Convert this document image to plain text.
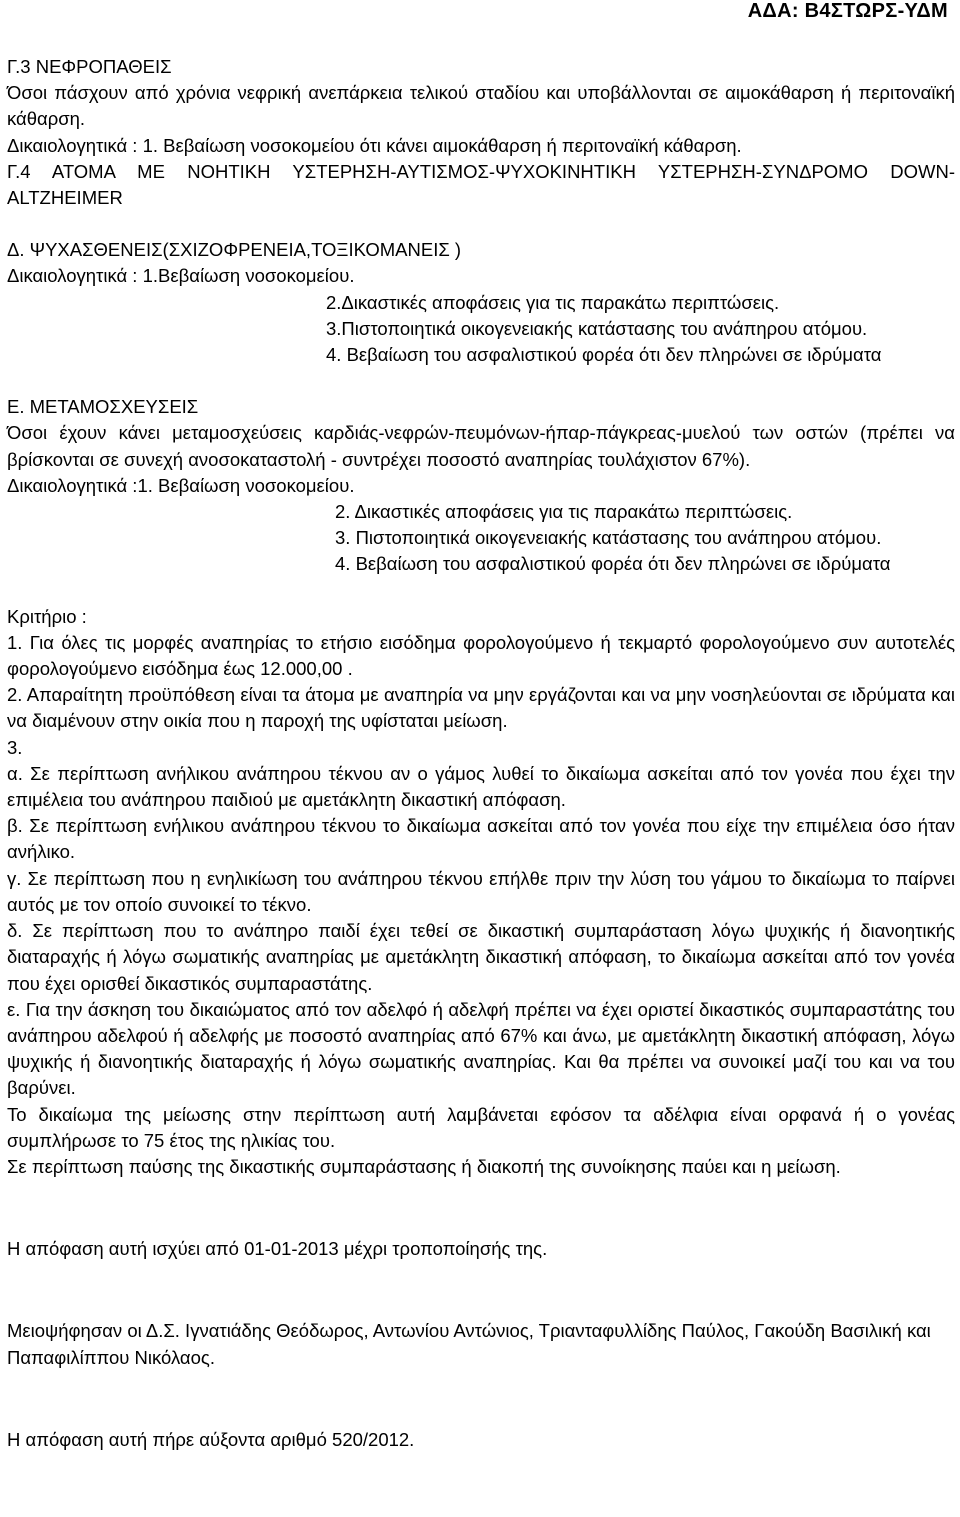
ΑΔΑ: Β4ΣΤΩΡΣ-ΥΔΜ

Γ.3 ΝΕΦΡΟΠΑΘΕΙΣ

Όσοι πάσχουν από χρόνια νεφρική ανεπάρκεια τελικού σταδίου και υποβάλλονται σε αιμοκάθαρση ή περιτοναϊκή κάθαρση.

Δικαιολογητικά : 1. Βεβαίωση νοσοκομείου ότι κάνει αιμοκάθαρση ή περιτοναϊκή κάθαρση.

Γ.4 ΑΤΟΜΑ ΜΕ ΝΟΗΤΙΚΗ ΥΣΤΕΡΗΣΗ-ΑΥΤΙΣΜΟΣ-ΨΥΧΟΚΙΝΗΤΙΚΗ ΥΣΤΕΡΗΣΗ-ΣΥΝΔΡΟΜΟ DOWN-ALTZHEIMER

Δ. ΨΥΧΑΣΘΕΝΕΙΣ(ΣΧΙΖΟΦΡΕΝΕΙΑ,ΤΟΞΙΚΟΜΑΝΕΙΣ )

Δικαιολογητικά : 1.Βεβαίωση νοσοκομείου.

2.Δικαστικές αποφάσεις για τις παρακάτω περιπτώσεις.

3.Πιστοποιητικά οικογενειακής κατάστασης του ανάπηρου ατόμου.

4. Βεβαίωση του ασφαλιστικού φορέα ότι δεν πληρώνει σε ιδρύματα

Ε. ΜΕΤΑΜΟΣΧΕΥΣΕΙΣ

Όσοι έχουν κάνει μεταμοσχεύσεις καρδιάς-νεφρών-πευμόνων-ήπαρ-πάγκρεας-μυελού των οστών (πρέπει να βρίσκονται σε συνεχή ανοσοκαταστολή - συντρέχει ποσοστό αναπηρίας τουλάχιστον 67%).

Δικαιολογητικά :1. Βεβαίωση νοσοκομείου.

2. Δικαστικές αποφάσεις για τις παρακάτω περιπτώσεις.

3. Πιστοποιητικά οικογενειακής κατάστασης του ανάπηρου ατόμου.

4. Βεβαίωση του ασφαλιστικού φορέα ότι δεν πληρώνει σε ιδρύματα

Κριτήριο :

1. Για όλες τις μορφές αναπηρίας το ετήσιο εισόδημα φορολογούμενο ή τεκμαρτό φορολογούμενο συν αυτοτελές φορολογούμενο εισόδημα έως 12.000,00 .

2. Απαραίτητη προϋπόθεση είναι τα άτομα με αναπηρία να μην εργάζονται και να μην νοσηλεύονται σε ιδρύματα και να διαμένουν στην οικία που η παροχή της υφίσταται μείωση.

3.

α. Σε περίπτωση ανήλικου ανάπηρου τέκνου αν ο γάμος λυθεί το δικαίωμα ασκείται από τον γονέα που έχει την επιμέλεια του ανάπηρου παιδιού με αμετάκλητη δικαστική απόφαση.

β. Σε περίπτωση ενήλικου ανάπηρου τέκνου το δικαίωμα ασκείται από τον γονέα που είχε την επιμέλεια όσο ήταν ανήλικο.

γ. Σε περίπτωση που η ενηλικίωση του ανάπηρου τέκνου επήλθε πριν την λύση του γάμου το δικαίωμα το παίρνει αυτός με τον οποίο συνοικεί το τέκνο.

δ. Σε περίπτωση που το ανάπηρο παιδί έχει τεθεί σε δικαστική συμπαράσταση λόγω ψυχικής ή διανοητικής διαταραχής ή λόγω σωματικής αναπηρίας με αμετάκλητη δικαστική απόφαση, το δικαίωμα ασκείται από τον γονέα που έχει ορισθεί δικαστικός συμπαραστάτης.

ε. Για την άσκηση του δικαιώματος από τον αδελφό ή αδελφή πρέπει να έχει οριστεί δικαστικός συμπαραστάτης του ανάπηρου αδελφού ή αδελφής με ποσοστό αναπηρίας από 67% και άνω, με αμετάκλητη δικαστική απόφαση, λόγω ψυχικής ή διανοητικής διαταραχής ή λόγω σωματικής αναπηρίας. Και θα πρέπει να συνοικεί μαζί του και να του βαρύνει.

Το δικαίωμα της μείωσης στην περίπτωση αυτή λαμβάνεται εφόσον τα αδέλφια είναι ορφανά ή ο γονέας συμπλήρωσε το 75 έτος της ηλικίας του.

Σε περίπτωση παύσης της δικαστικής συμπαράστασης ή διακοπή της συνοίκησης παύει και η μείωση.

Η απόφαση αυτή ισχύει από 01-01-2013 μέχρι τροποποίησής της.

Μειοψήφησαν οι Δ.Σ. Ιγνατιάδης Θεόδωρος, Αντωνίου Αντώνιος, Τριανταφυλλίδης Παύλος, Γακούδη Βασιλική και Παπαφιλίππου Νικόλαος.

Η απόφαση αυτή πήρε αύξοντα αριθμό 520/2012.
